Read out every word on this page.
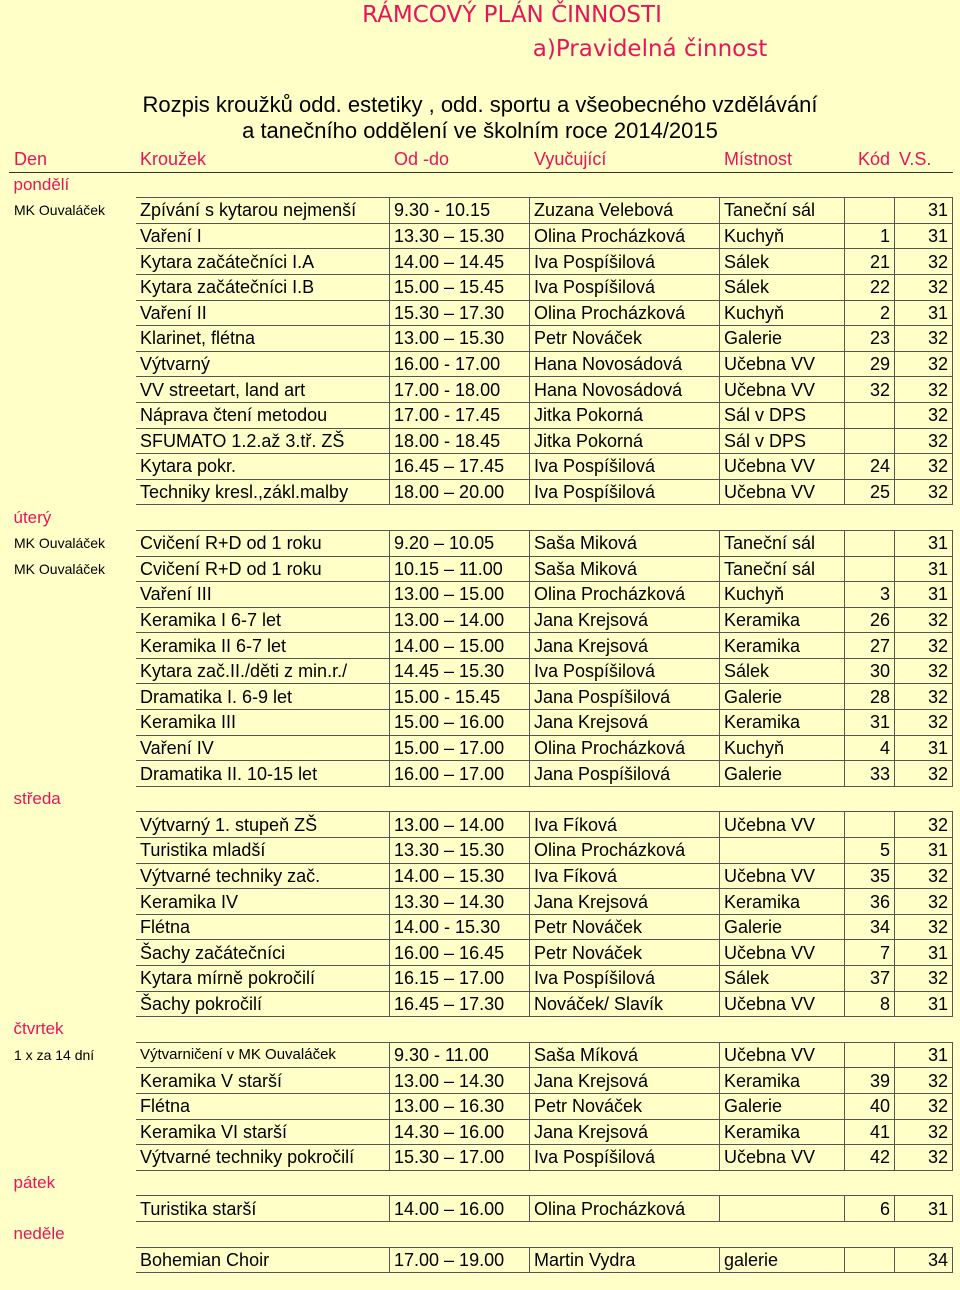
RÁMCOVÝ PLÁN ČINNOSTI
a)Pravidelná činnost
Rozpis kroužků odd. estetiky , odd. sportu a všeobecného vzdělávání
a tanečního oddělení ve školním roce 2014/2015
Den	Kroužek	Od -do	Vyučující	Místnost	Kód	V.S.
pondělí						
MK Ouvaláček	Zpívání s kytarou nejmenší	9.30 - 10.15	Zuzana Velebová	Taneční sál		31
	Vaření I	13.30 – 15.30	Olina Procházková	Kuchyň	1	31
	Kytara začátečníci I.A	14.00 – 14.45	Iva Pospíšilová	Sálek	21	32
	Kytara začátečníci I.B	15.00 – 15.45	Iva Pospíšilová	Sálek	22	32
	Vaření II	15.30 – 17.30	Olina Procházková	Kuchyň	2	31
	Klarinet, flétna	13.00 – 15.30	Petr Nováček	Galerie	23	32
	Výtvarný	16.00 - 17.00	Hana Novosádová	Učebna VV	29	32
	VV streetart, land art	17.00 - 18.00	Hana Novosádová	Učebna VV	32	32
	Náprava čtení metodou	17.00 - 17.45	Jitka Pokorná	Sál v DPS		32
	SFUMATO 1.2.až 3.tř. ZŠ	18.00 - 18.45	Jitka Pokorná	Sál v DPS		32
	Kytara pokr.	16.45 – 17.45	Iva Pospíšilová	Učebna VV	24	32
	Techniky kresl.,zákl.malby	18.00 – 20.00	Iva Pospíšilová	Učebna VV	25	32
úterý						
MK Ouvaláček	Cvičení R+D od 1 roku	9.20 – 10.05	Saša Miková	Taneční sál		31
MK Ouvaláček	Cvičení R+D od 1 roku	10.15 – 11.00	Saša Miková	Taneční sál		31
	Vaření III	13.00 – 15.00	Olina Procházková	Kuchyň	3	31
	Keramika I 6-7 let	13.00 – 14.00	Jana Krejsová	Keramika	26	32
	Keramika II 6-7 let	14.00 – 15.00	Jana Krejsová	Keramika	27	32
	Kytara zač.II./děti z min.r./	14.45 – 15.30	Iva Pospíšilová	Sálek	30	32
	Dramatika I. 6-9 let	15.00 - 15.45	Jana Pospíšilová	Galerie	28	32
	Keramika III	15.00 – 16.00	Jana Krejsová	Keramika	31	32
	Vaření IV	15.00 – 17.00	Olina Procházková	Kuchyň	4	31
	Dramatika II. 10-15 let	16.00 – 17.00	Jana Pospíšilová	Galerie	33	32
středa						
	Výtvarný 1. stupeň ZŠ	13.00 – 14.00	Iva Fíková	Učebna VV		32
	Turistika mladší	13.30 – 15.30	Olina Procházková		5	31
	Výtvarné techniky zač.	14.00 – 15.30	Iva Fíková	Učebna VV	35	32
	Keramika IV	13.30 – 14.30	Jana Krejsová	Keramika	36	32
	Flétna	14.00 - 15.30	Petr Nováček	Galerie	34	32
	Šachy začátečníci	16.00 – 16.45	Petr Nováček	Učebna VV	7	31
	Kytara mírně pokročilí	16.15 – 17.00	Iva Pospíšilová	Sálek	37	32
	Šachy pokročilí	16.45 – 17.30	Nováček/ Slavík	Učebna VV	8	31
čtvrtek						
1 x za 14 dní	Výtvarničení v MK Ouvaláček	9.30 - 11.00	Saša Míková	Učebna VV		31
	Keramika V starší	13.00 – 14.30	Jana Krejsová	Keramika	39	32
	Flétna	13.00 – 16.30	Petr Nováček	Galerie	40	32
	Keramika VI starší	14.30 – 16.00	Jana Krejsová	Keramika	41	32
	Výtvarné techniky pokročilí	15.30 – 17.00	Iva Pospíšilová	Učebna VV	42	32
pátek						
	Turistika starší	14.00 – 16.00	Olina Procházková		6	31
neděle						
	Bohemian Choir	17.00 – 19.00	Martin Vydra	galerie		34
